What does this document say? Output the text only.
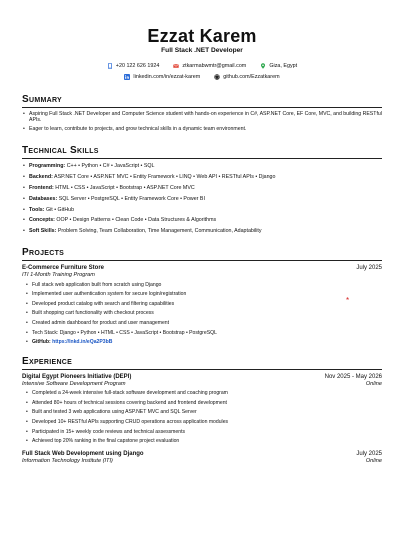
Ezzat Karem
Full Stack .NET Developer
+20 122 626 1924	ztkarmabwmtr@gmail.com	Giza, Egypt
linkedin.com/in/ezzat-karem	github.com/Ezzatkarem
Summary
• Aspiring Full Stack .NET Developer and Computer Science student with hands-on experience in C#, ASP.NET Core, EF Core, MVC, and building RESTful APIs.
• Eager to learn, contribute to projects, and grow technical skills in a dynamic team environment.
Technical Skills
• Programming: C++ • Python • C# • JavaScript • SQL
• Backend: ASP.NET Core • ASP.NET MVC • Entity Framework • LINQ • Web API • RESTful APIs • Django
• Frontend: HTML • CSS • JavaScript • Bootstrap • ASP.NET Core MVC
• Databases: SQL Server • PostgreSQL • Entity Framework Core • Power BI
• Tools: Git • GitHub
• Concepts: OOP • Design Patterns • Clean Code • Data Structures & Algorithms
• Soft Skills: Problem Solving, Team Collaboration, Time Management, Communication, Adaptability
Projects
*
E-Commerce Furniture Store	July 2025
ITI 1-Month Training Program
• Full stack web application built from scratch using Django
• Implemented user authentication system for secure login/registration
• Developed product catalog with search and filtering capabilities
• Built shopping cart functionality with checkout process
• Created admin dashboard for product and user management
• Tech Stack: Django • Python • HTML • CSS • JavaScript • Bootstrap • PostgreSQL
• GitHub: https://lnkd.in/eQa2P3bB
Experience
Digital Egypt Pioneers Initiative (DEPI)	Nov 2025 - May 2026
Intensive Software Development Program	Online
• Completed a 24-week intensive full-stack software development and coaching program
• Attended 80+ hours of technical sessions covering backend and frontend development
• Built and tested 3 web applications using ASP.NET MVC and SQL Server
• Developed 10+ RESTful APIs supporting CRUD operations across application modules
• Participated in 15+ weekly code reviews and technical assessments
• Achieved top 20% ranking in the final capstone project evaluation
Full Stack Web Development using Django	July 2025
Information Technology Institute (ITI)	Online
